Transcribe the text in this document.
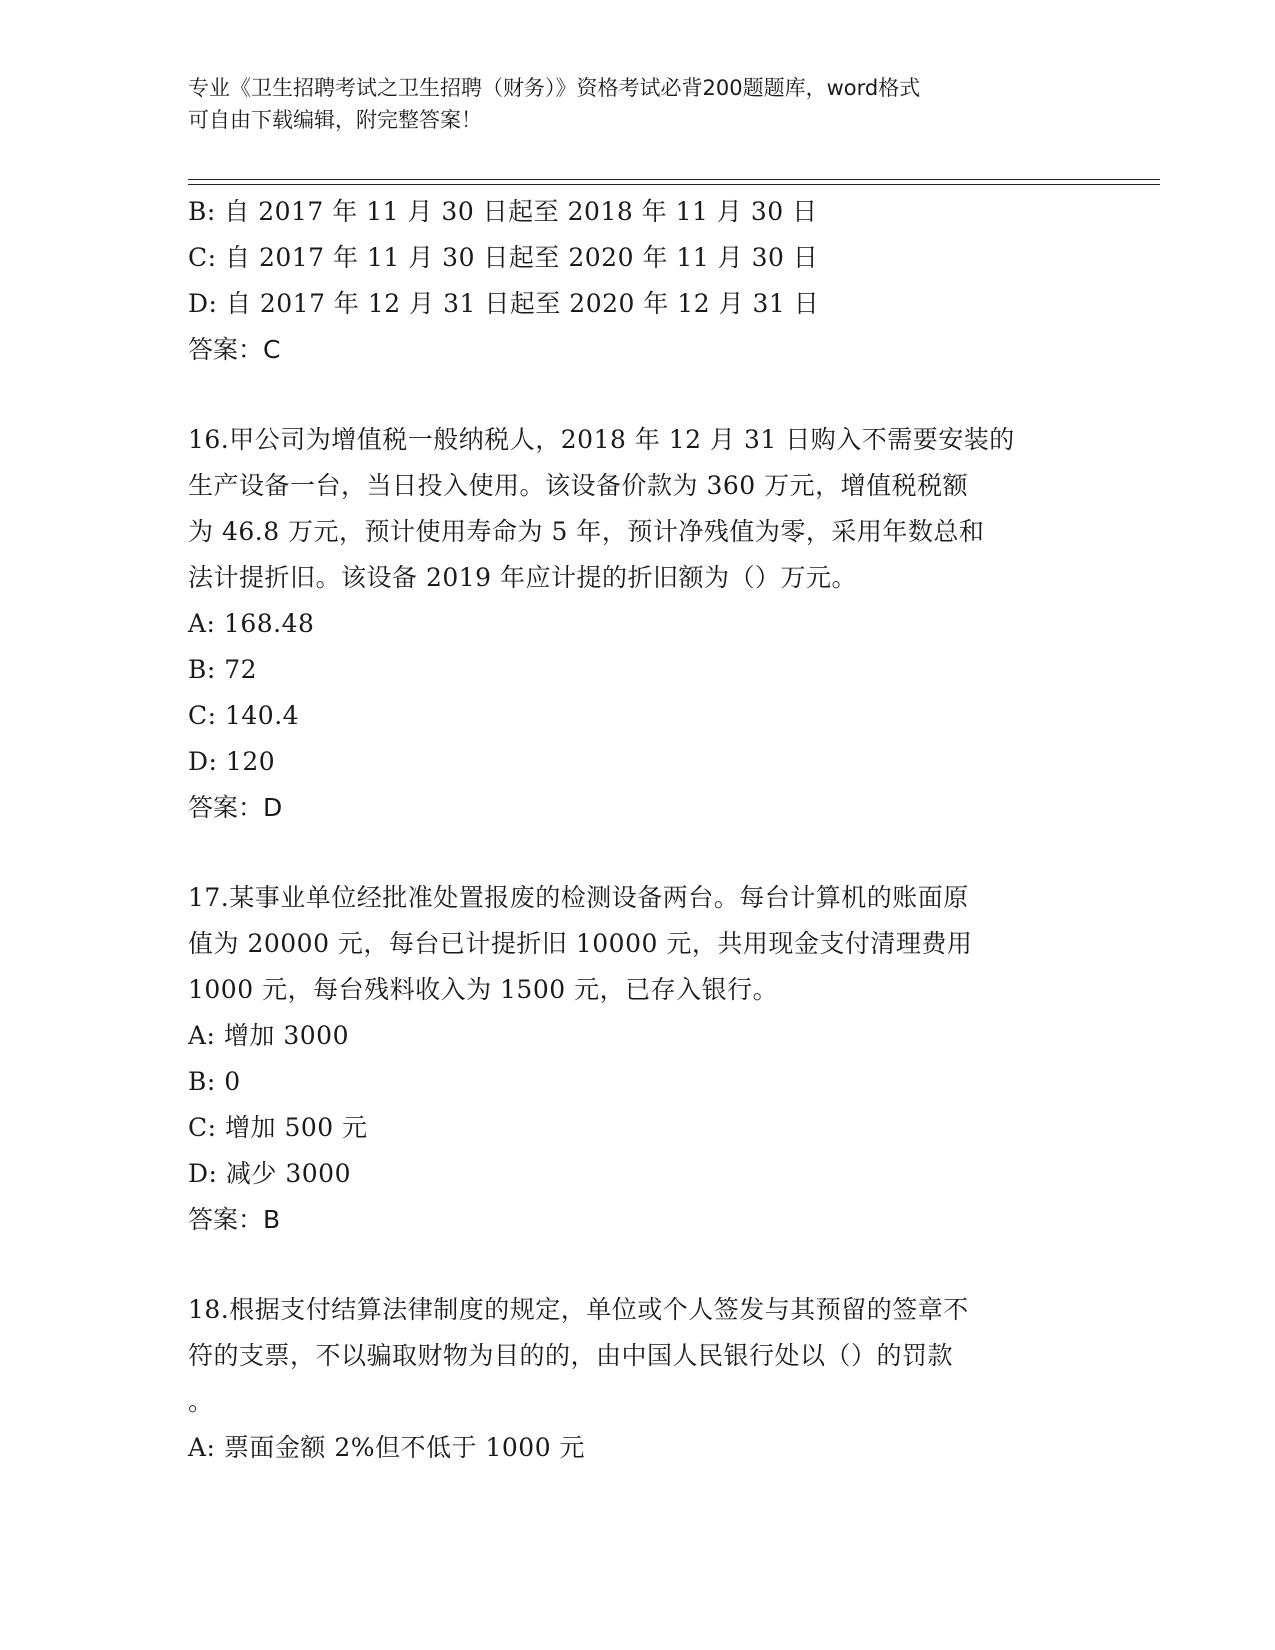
专业《卫生招聘考试之卫生招聘（财务）》资格考试必背200题题库，word格式
可自由下载编辑，附完整答案！
B: 自 2017 年 11 月 30 日起至 2018 年 11 月 30 日
C: 自 2017 年 11 月 30 日起至 2020 年 11 月 30 日
D: 自 2017 年 12 月 31 日起至 2020 年 12 月 31 日
答案：C
16.甲公司为增值税一般纳税人，2018 年 12 月 31 日购入不需要安装的
生产设备一台，当日投入使用。该设备价款为 360 万元，增值税税额
为 46.8 万元，预计使用寿命为 5 年，预计净残值为零，采用年数总和
法计提折旧。该设备 2019 年应计提的折旧额为（）万元。
A: 168.48
B: 72
C: 140.4
D: 120
答案：D
17.某事业单位经批准处置报废的检测设备两台。每台计算机的账面原
值为 20000 元，每台已计提折旧 10000 元，共用现金支付清理费用
1000 元，每台残料收入为 1500 元，已存入银行。
A: 增加 3000
B: 0
C: 增加 500 元
D: 减少 3000
答案：B
18.根据支付结算法律制度的规定，单位或个人签发与其预留的签章不
符的支票，不以骗取财物为目的的，由中国人民银行处以（）的罚款
。
A: 票面金额 2%但不低于 1000 元
